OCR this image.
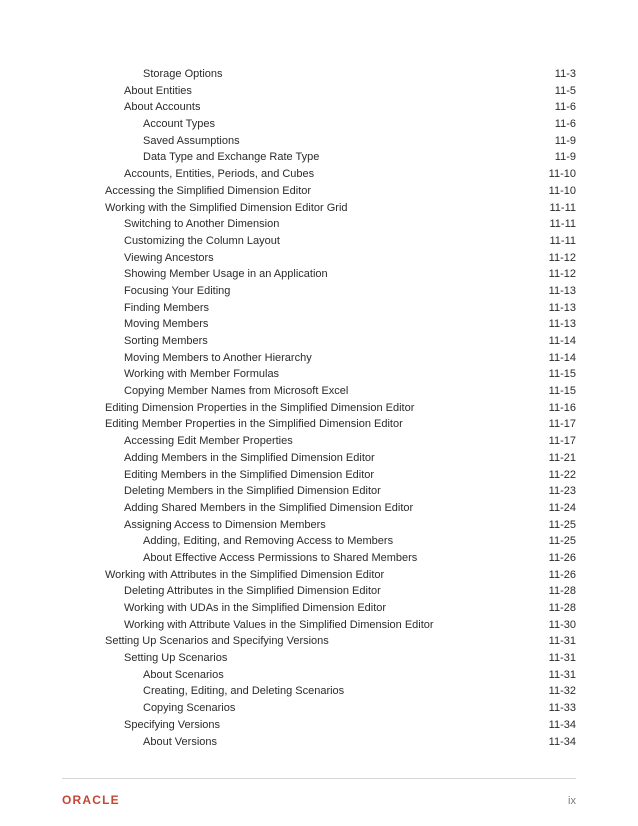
Storage Options	11-3
About Entities	11-5
About Accounts	11-6
Account Types	11-6
Saved Assumptions	11-9
Data Type and Exchange Rate Type	11-9
Accounts, Entities, Periods, and Cubes	11-10
Accessing the Simplified Dimension Editor	11-10
Working with the Simplified Dimension Editor Grid	11-11
Switching to Another Dimension	11-11
Customizing the Column Layout	11-11
Viewing Ancestors	11-12
Showing Member Usage in an Application	11-12
Focusing Your Editing	11-13
Finding Members	11-13
Moving Members	11-13
Sorting Members	11-14
Moving Members to Another Hierarchy	11-14
Working with Member Formulas	11-15
Copying Member Names from Microsoft Excel	11-15
Editing Dimension Properties in the Simplified Dimension Editor	11-16
Editing Member Properties in the Simplified Dimension Editor	11-17
Accessing Edit Member Properties	11-17
Adding Members in the Simplified Dimension Editor	11-21
Editing Members in the Simplified Dimension Editor	11-22
Deleting Members in the Simplified Dimension Editor	11-23
Adding Shared Members in the Simplified Dimension Editor	11-24
Assigning Access to Dimension Members	11-25
Adding, Editing, and Removing Access to Members	11-25
About Effective Access Permissions to Shared Members	11-26
Working with Attributes in the Simplified Dimension Editor	11-26
Deleting Attributes in the Simplified Dimension Editor	11-28
Working with UDAs in the Simplified Dimension Editor	11-28
Working with Attribute Values in the Simplified Dimension Editor	11-30
Setting Up Scenarios and Specifying Versions	11-31
Setting Up Scenarios	11-31
About Scenarios	11-31
Creating, Editing, and Deleting Scenarios	11-32
Copying Scenarios	11-33
Specifying Versions	11-34
About Versions	11-34
ORACLE	ix
